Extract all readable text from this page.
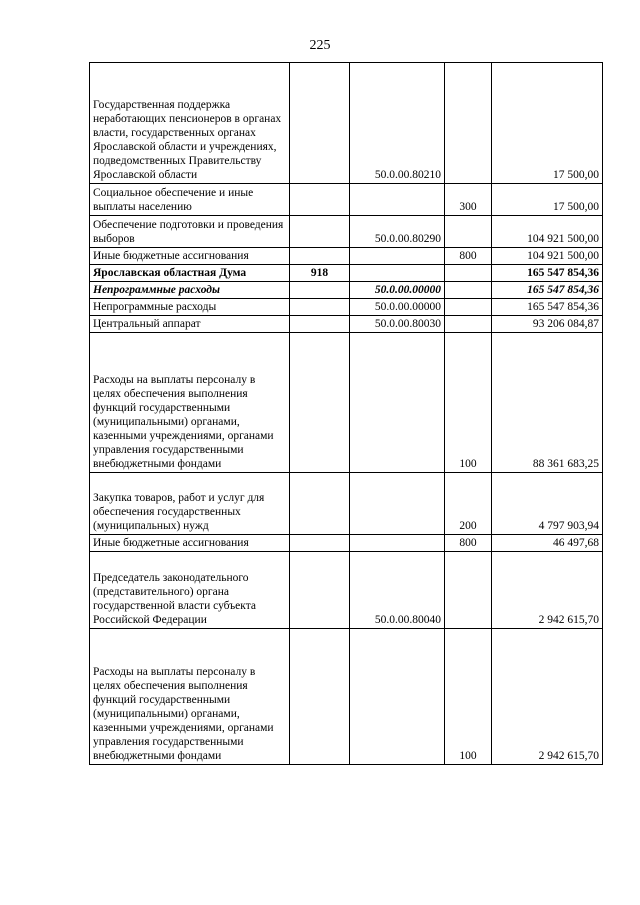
225
Государственная поддержка неработающих пенсионеров в органах власти, государственных органах Ярославской области и учреждениях, подведомственных Правительству Ярославской области		50.0.00.80210		17 500,00
Социальное обеспечение и иные выплаты населению			300	17 500,00
Обеспечение подготовки и проведения выборов		50.0.00.80290		104 921 500,00
Иные бюджетные ассигнования			800	104 921 500,00
Ярославская областная Дума	918			165 547 854,36
Непрограммные расходы		50.0.00.00000		165 547 854,36
Непрограммные расходы		50.0.00.00000		165 547 854,36
Центральный аппарат		50.0.00.80030		93 206 084,87
Расходы на выплаты персоналу в целях обеспечения выполнения функций государственными (муниципальными) органами, казенными учреждениями, органами управления государственными внебюджетными фондами			100	88 361 683,25
Закупка товаров, работ и услуг для обеспечения государственных (муниципальных) нужд			200	4 797 903,94
Иные бюджетные ассигнования			800	46 497,68
Председатель законодательного (представительного) органа государственной власти субъекта Российской Федерации		50.0.00.80040		2 942 615,70
Расходы на выплаты персоналу в целях обеспечения выполнения функций государственными (муниципальными) органами, казенными учреждениями, органами управления государственными внебюджетными фондами			100	2 942 615,70
